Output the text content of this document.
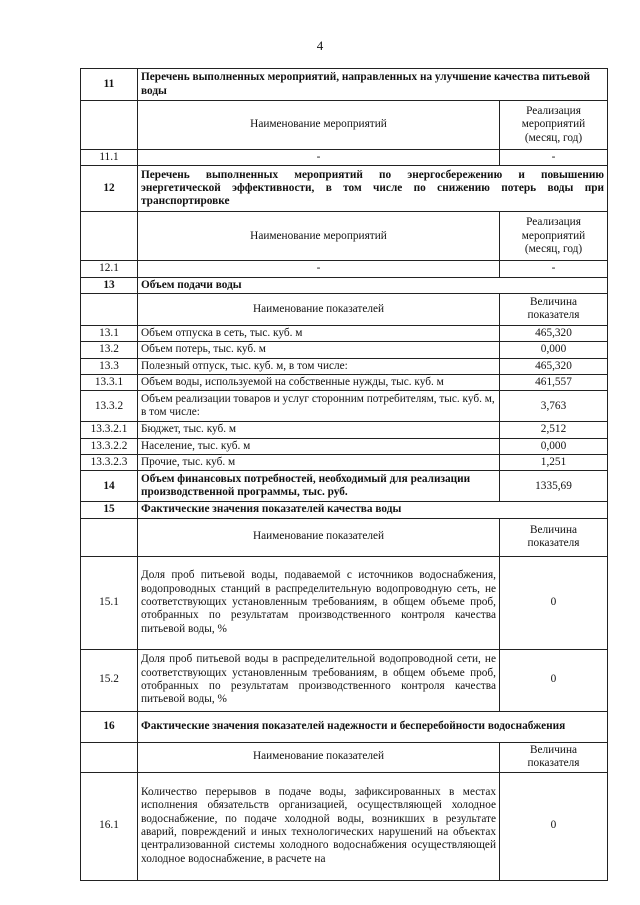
4
11	Перечень выполненных мероприятий, направленных на улучшение качества питьевой воды	
	Наименование мероприятий	Реализация мероприятий (месяц, год)
11.1	-	-
12	Перечень выполненных мероприятий по энергосбережению и повышению энергетической эффективности, в том числе по снижению потерь воды при транспортировке	
	Наименование мероприятий	Реализация мероприятий (месяц, год)
12.1	-	-
13	Объем подачи воды	
	Наименование показателей	Величина показателя
13.1	Объем отпуска в сеть, тыс. куб. м	465,320
13.2	Объем потерь, тыс. куб. м	0,000
13.3	Полезный отпуск, тыс. куб. м, в том числе:	465,320
13.3.1	Объем воды, используемой на собственные нужды, тыс. куб. м	461,557
13.3.2	Объем реализации товаров и услуг сторонним потребителям, тыс. куб. м, в том числе:	3,763
13.3.2.1	Бюджет, тыс. куб. м	2,512
13.3.2.2	Население, тыс. куб. м	0,000
13.3.2.3	Прочие, тыс. куб. м	1,251
14	Объем финансовых потребностей, необходимый для реализации производственной программы, тыс. руб.	1335,69
15	Фактические значения показателей качества воды	
	Наименование показателей	Величина показателя
15.1	Доля проб питьевой воды, подаваемой с источников водоснабжения, водопроводных станций в распределительную водопроводную сеть, не соответствующих установленным требованиям, в общем объеме проб, отобранных по результатам производственного контроля качества питьевой воды, %	0
15.2	Доля проб питьевой воды в распределительной водопроводной сети, не соответствующих установленным требованиям, в общем объеме проб, отобранных по результатам производственного контроля качества питьевой воды, %	0
16	Фактические значения показателей надежности и бесперебойности водоснабжения	
	Наименование показателей	Величина показателя
16.1	Количество перерывов в подаче воды, зафиксированных в местах исполнения обязательств организацией, осуществляющей холодное водоснабжение, по подаче холодной воды, возникших в результате аварий, повреждений и иных технологических нарушений на объектах централизованной системы холодного водоснабжения осуществляющей холодное водоснабжение, в расчете на	0
